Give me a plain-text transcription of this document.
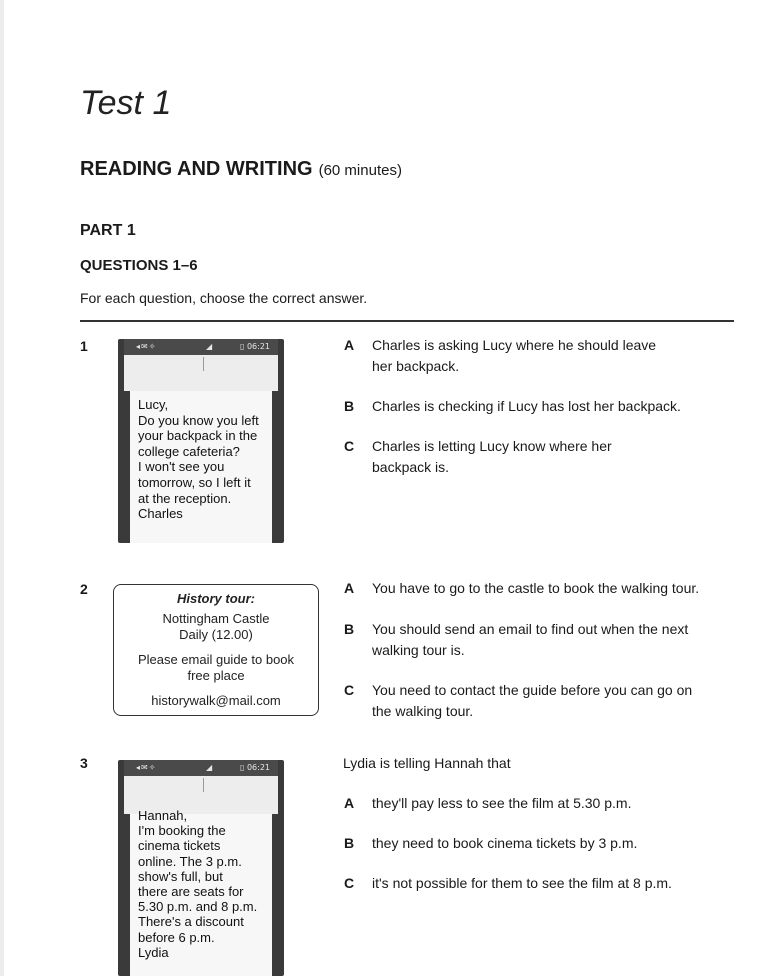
Test 1
READING AND WRITING (60 minutes)
PART 1
QUESTIONS 1–6

For each question, choose the correct answer.

1	◂✉✧	◢	▯ 06:21

Lucy,
Do you know you left
your backpack in the
college cafeteria?
I won't see you
tomorrow, so I left it
at the reception.
Charles

A Charles is asking Lucy where he should leave
her backpack.
B Charles is checking if Lucy has lost her backpack.
C Charles is letting Lucy know where her
backpack is.
2
History tour:
Nottingham Castle
Daily (12.00)
Please email guide to book
free place
historywalk@mail.com
A You have to go to the castle to book the walking tour.
B You should send an email to find out when the next
walking tour is.
C You need to contact the guide before you can go on
the walking tour.
3	◂✉✧	◢	▯ 06:21

Hannah,
I'm booking the
cinema tickets
online. The 3 p.m.
show's full, but
there are seats for
5.30 p.m. and 8 p.m.
There's a discount
before 6 p.m.
Lydia

Lydia is telling Hannah that
A they'll pay less to see the film at 5.30 p.m.
B they need to book cinema tickets by 3 p.m.
C it's not possible for them to see the film at 8 p.m.
